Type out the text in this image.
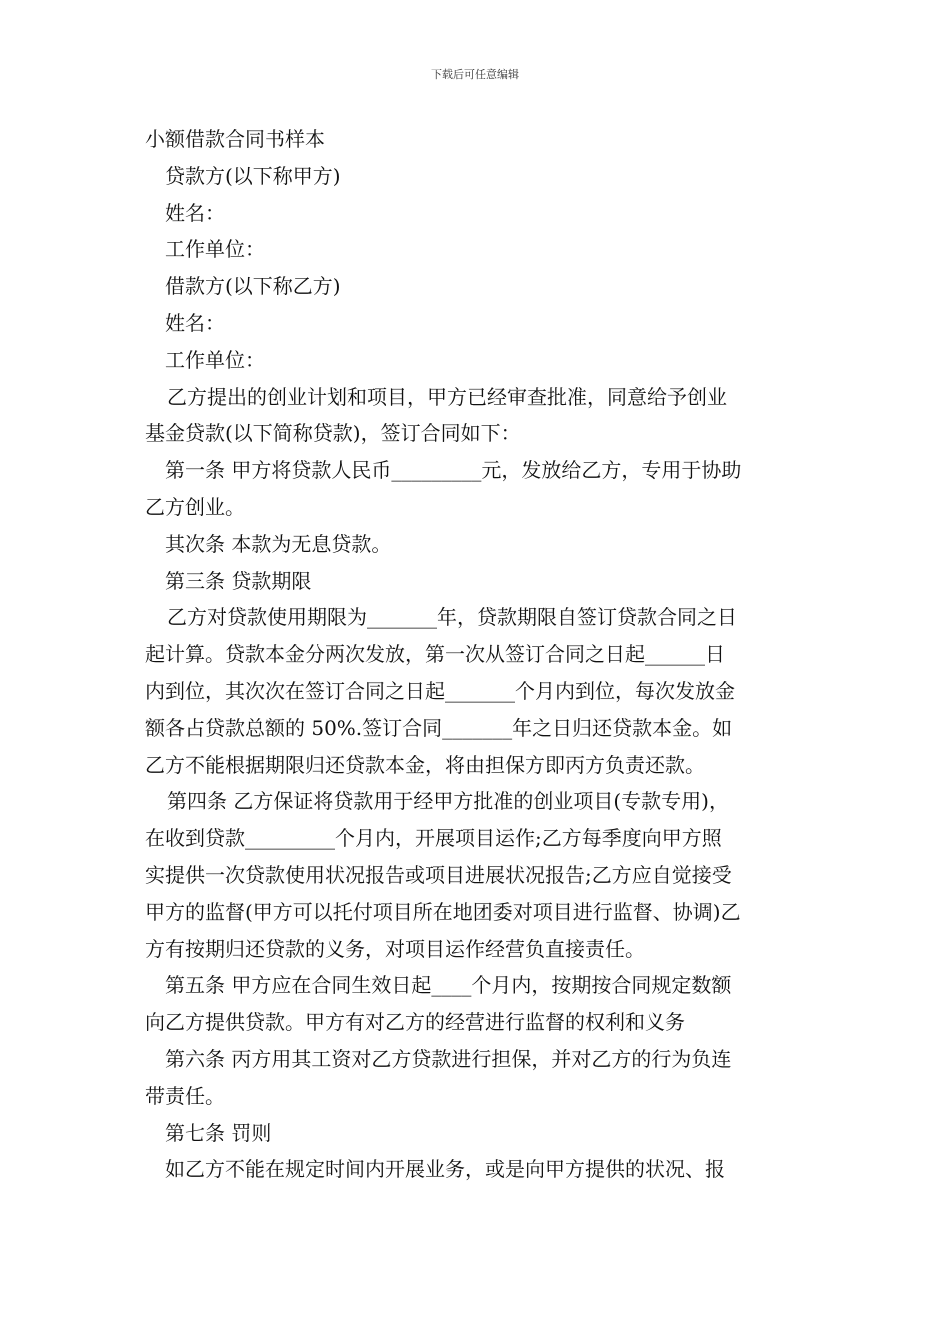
下载后可任意编辑
小额借款合同书样本
贷款方(以下称甲方)
姓名：
工作单位：
借款方(以下称乙方)
姓名：
工作单位：
乙方提出的创业计划和项目，甲方已经审查批准，同意给予创业
基金贷款(以下简称贷款)，签订合同如下：
第一条 甲方将贷款人民币_________元，发放给乙方，专用于协助
乙方创业。
其次条 本款为无息贷款。
第三条 贷款期限
乙方对贷款使用期限为_______年，贷款期限自签订贷款合同之日
起计算。贷款本金分两次发放，第一次从签订合同之日起______日
内到位，其次次在签订合同之日起_______个月内到位，每次发放金
额各占贷款总额的 50%.签订合同_______年之日归还贷款本金。如
乙方不能根据期限归还贷款本金，将由担保方即丙方负责还款。
第四条 乙方保证将贷款用于经甲方批准的创业项目(专款专用)，
在收到贷款_________个月内，开展项目运作;乙方每季度向甲方照
实提供一次贷款使用状况报告或项目进展状况报告;乙方应自觉接受
甲方的监督(甲方可以托付项目所在地团委对项目进行监督、协调)乙
方有按期归还贷款的义务，对项目运作经营负直接责任。
第五条 甲方应在合同生效日起____个月内，按期按合同规定数额
向乙方提供贷款。甲方有对乙方的经营进行监督的权利和义务
第六条 丙方用其工资对乙方贷款进行担保，并对乙方的行为负连
带责任。
第七条 罚则
如乙方不能在规定时间内开展业务，或是向甲方提供的状况、报
